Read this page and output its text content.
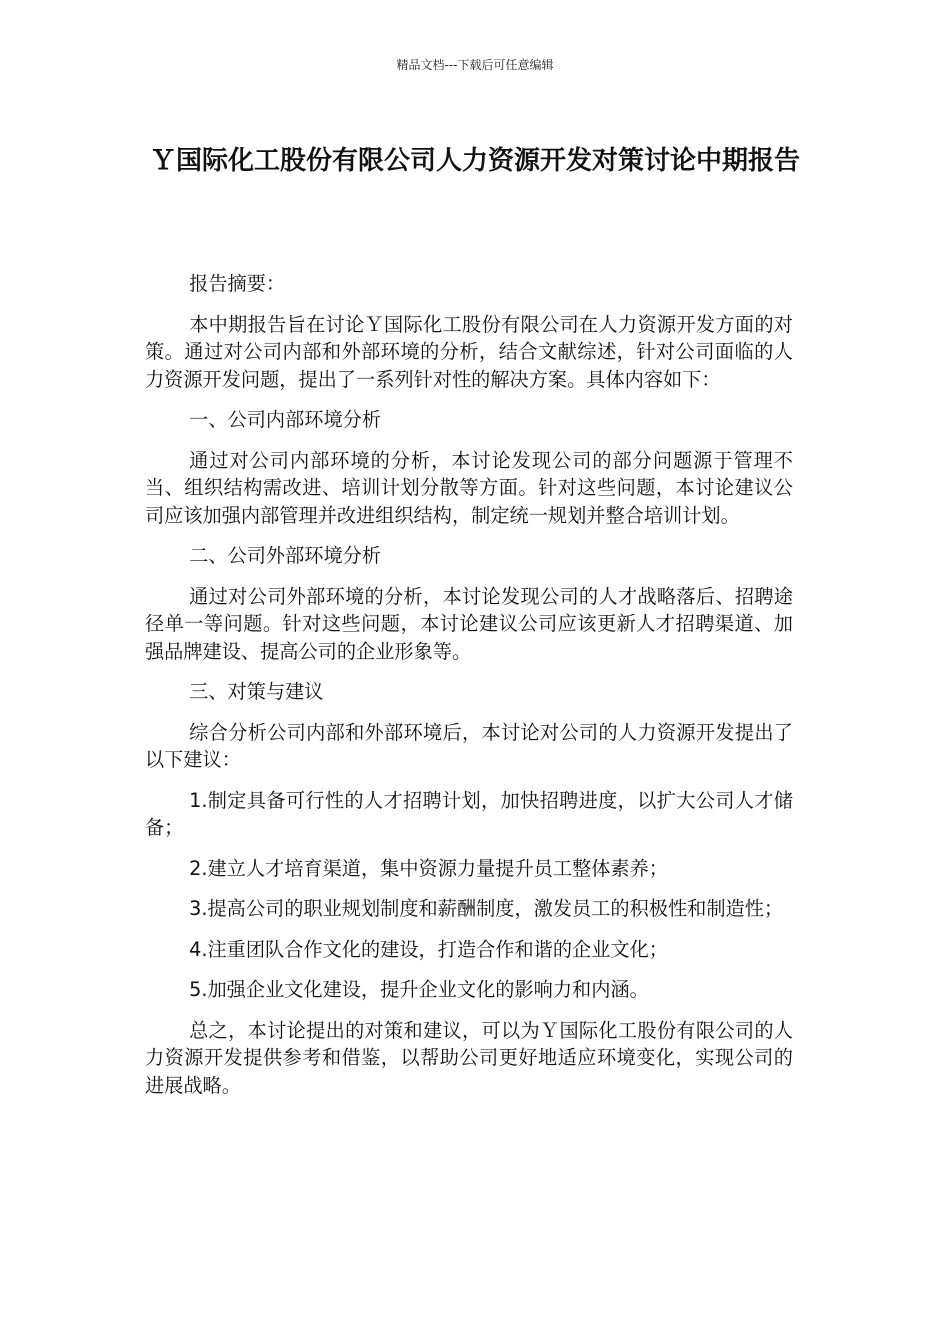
精品文档---下载后可任意编辑
Ｙ国际化工股份有限公司人力资源开发对策讨论中期报告

报告摘要：

本中期报告旨在讨论Ｙ国际化工股份有限公司在人力资源开发方面的对策。通过对公司内部和外部环境的分析，结合文献综述，针对公司面临的人力资源开发问题，提出了一系列针对性的解决方案。具体内容如下：

一、公司内部环境分析

通过对公司内部环境的分析，本讨论发现公司的部分问题源于管理不当、组织结构需改进、培训计划分散等方面。针对这些问题，本讨论建议公司应该加强内部管理并改进组织结构，制定统一规划并整合培训计划。

二、公司外部环境分析

通过对公司外部环境的分析，本讨论发现公司的人才战略落后、招聘途径单一等问题。针对这些问题，本讨论建议公司应该更新人才招聘渠道、加强品牌建设、提高公司的企业形象等。

三、对策与建议

综合分析公司内部和外部环境后，本讨论对公司的人力资源开发提出了以下建议：

1.制定具备可行性的人才招聘计划，加快招聘进度，以扩大公司人才储备；

2.建立人才培育渠道，集中资源力量提升员工整体素养；

3.提高公司的职业规划制度和薪酬制度，激发员工的积极性和制造性；

4.注重团队合作文化的建设，打造合作和谐的企业文化；

5.加强企业文化建设，提升企业文化的影响力和内涵。

总之，本讨论提出的对策和建议，可以为Ｙ国际化工股份有限公司的人力资源开发提供参考和借鉴，以帮助公司更好地适应环境变化，实现公司的进展战略。
